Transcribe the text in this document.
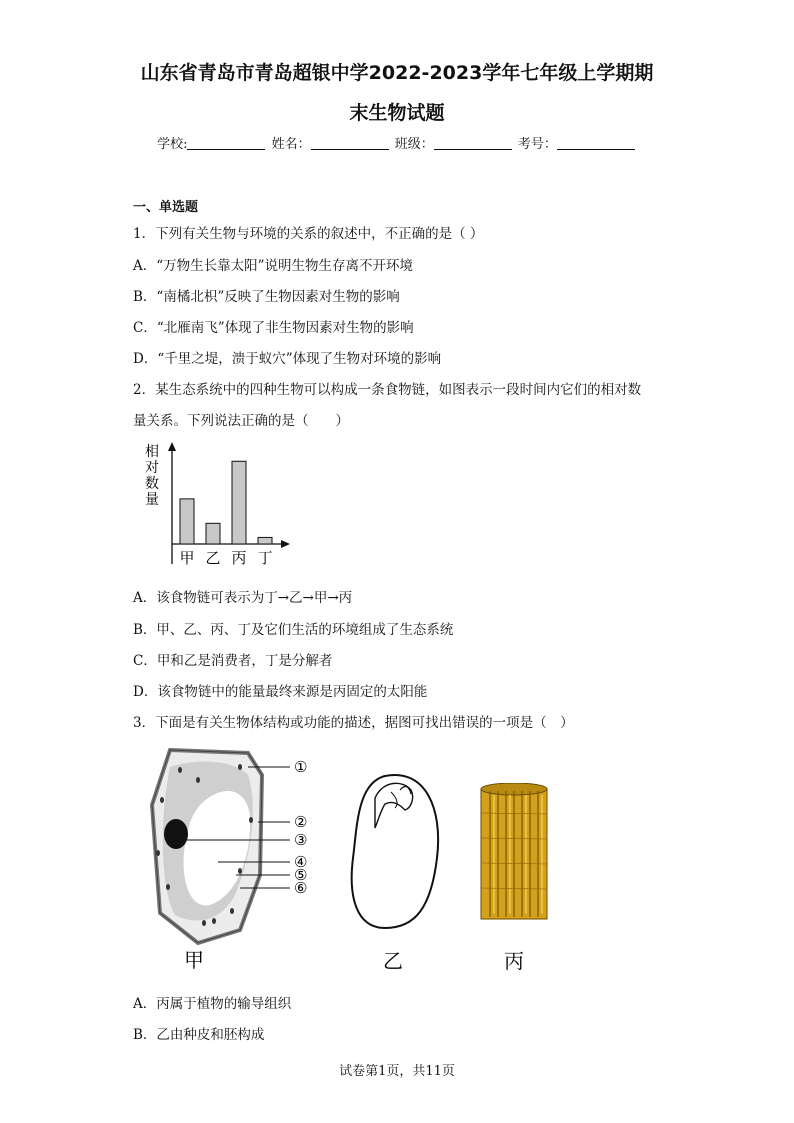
山东省青岛市青岛超银中学2022-2023学年七年级上学期期
末生物试题
学校:	姓名：	班级：	考号：
一、单选题
1．下列有关生物与环境的关系的叙述中，不正确的是（ ）
A．“万物生长靠太阳”说明生物生存离不开环境
B．“南橘北枳”反映了生物因素对生物的影响
C．“北雁南飞”体现了非生物因素对生物的影响
D．“千里之堤，溃于蚁穴”体现了生物对环境的影响
2．某生态系统中的四种生物可以构成一条食物链，如图表示一段时间内它们的相对数
量关系。下列说法正确的是（　　）
相
对
数
量
甲 乙 丙 丁
A．该食物链可表示为丁→乙→甲→丙
B．甲、乙、丙、丁及它们生活的环境组成了生态系统
C．甲和乙是消费者，丁是分解者
D．该食物链中的能量最终来源是丙固定的太阳能
3．下面是有关生物体结构或功能的描述，据图可找出错误的一项是（　）
①
②
③
④
⑤
⑥
甲	乙	丙
A．丙属于植物的输导组织
B．乙由种皮和胚构成
试卷第1页，共11页
